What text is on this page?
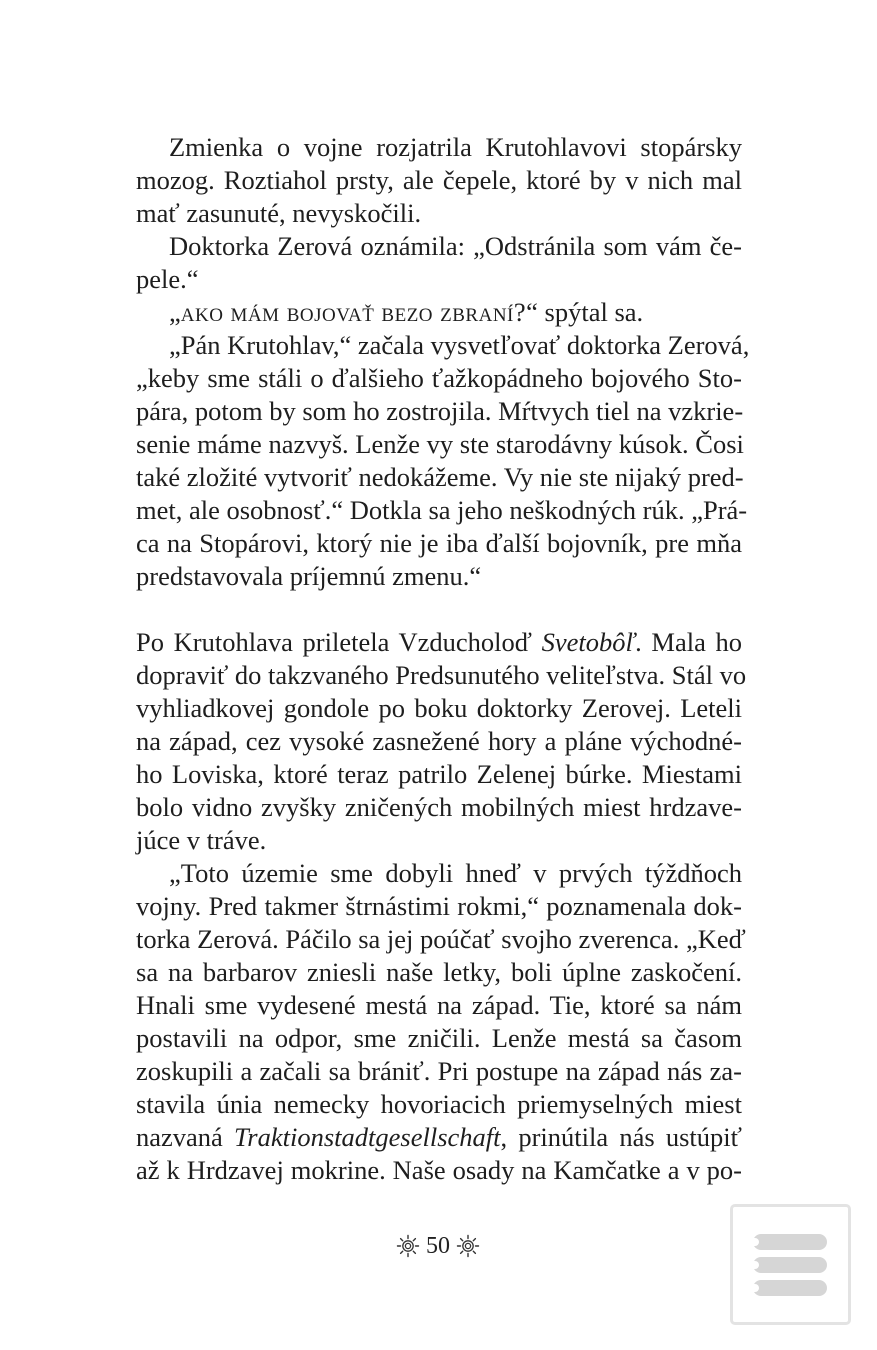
Zmienka o vojne rozjatrila Krutohlavovi stopársky
mozog. Roztiahol prsty, ale čepele, ktoré by v nich mal
mať zasunuté, nevyskočili.
Doktorka Zerová oznámila: „Odstránila som vám če-
pele.“
„ako mám bojovať bezo zbraní?“ spýtal sa.
„Pán Krutohlav,“ začala vysvetľovať doktorka Zerová,
„keby sme stáli o ďalšieho ťažkopádneho bojového Sto-
pára, potom by som ho zostrojila. Mŕtvych tiel na vzkrie-
senie máme nazvyš. Lenže vy ste starodávny kúsok. Čosi
také zložité vytvoriť nedokážeme. Vy nie ste nijaký pred-
met, ale osobnosť.“ Dotkla sa jeho neškodných rúk. „Prá-
ca na Stopárovi, ktorý nie je iba ďalší bojovník, pre mňa
predstavovala príjemnú zmenu.“
Po Krutohlava priletela Vzducholoď Svetobôľ. Mala ho
dopraviť do takzvaného Predsunutého veliteľstva. Stál vo
vyhliadkovej gondole po boku doktorky Zerovej. Leteli
na západ, cez vysoké zasnežené hory a pláne východné-
ho Loviska, ktoré teraz patrilo Zelenej búrke. Miestami
bolo vidno zvyšky zničených mobilných miest hrdzave-
júce v tráve.
„Toto územie sme dobyli hneď v prvých týždňoch
vojny. Pred takmer štrnástimi rokmi,“ poznamenala dok-
torka Zerová. Páčilo sa jej poúčať svojho zverenca. „Keď
sa na barbarov zniesli naše letky, boli úplne zaskočení.
Hnali sme vydesené mestá na západ. Tie, ktoré sa nám
postavili na odpor, sme zničili. Lenže mestá sa časom
zoskupili a začali sa brániť. Pri postupe na západ nás za-
stavila únia nemecky hovoriacich priemyselných miest
nazvaná Traktionstadtgesellschaft, prinútila nás ustúpiť
až k Hrdzavej mokrine. Naše osady na Kamčatke a v po-
50
